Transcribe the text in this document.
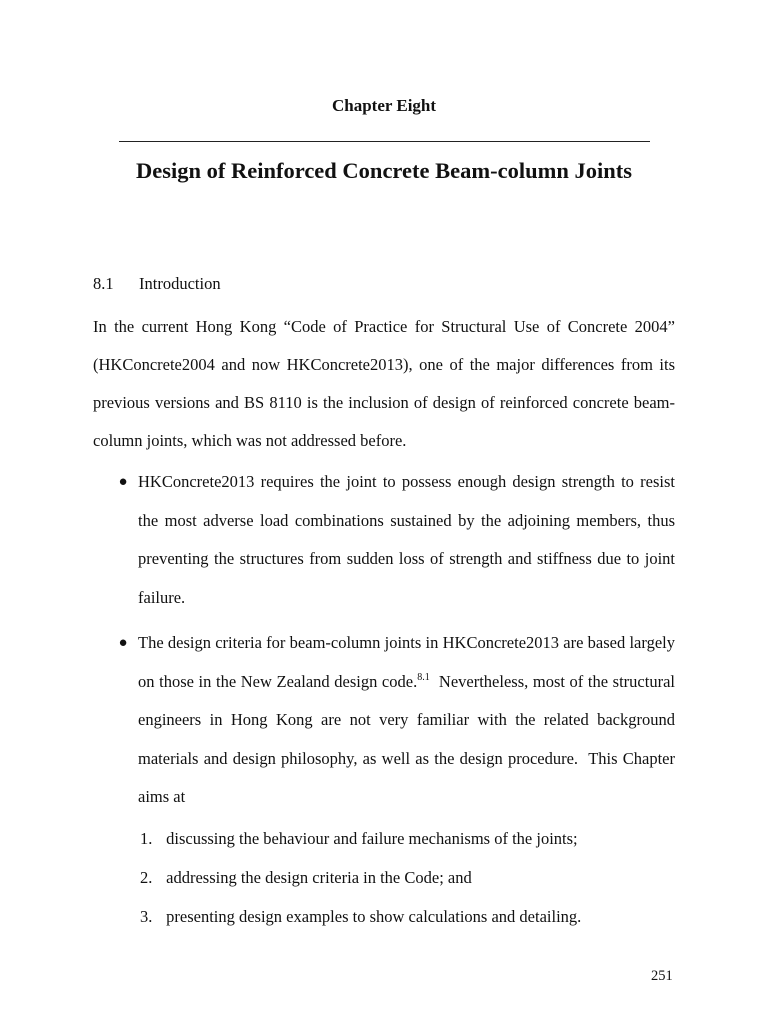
Chapter Eight
Design of Reinforced Concrete Beam-column Joints
8.1 Introduction
In the current Hong Kong “Code of Practice for Structural Use of Concrete 2004” (HKConcrete2004 and now HKConcrete2013), one of the major differences from its previous versions and BS 8110 is the inclusion of design of reinforced concrete beam-column joints, which was not addressed before.
● HKConcrete2013 requires the joint to possess enough design strength to resist the most adverse load combinations sustained by the adjoining members, thus preventing the structures from sudden loss of strength and stiffness due to joint failure.
● The design criteria for beam-column joints in HKConcrete2013 are based largely on those in the New Zealand design code.$^{8.1}$  Nevertheless, most of the structural engineers in Hong Kong are not very familiar with the related background materials and design philosophy, as well as the design procedure.  This Chapter aims at
1. discussing the behaviour and failure mechanisms of the joints;
2. addressing the design criteria in the Code; and
3. presenting design examples to show calculations and detailing.
251
